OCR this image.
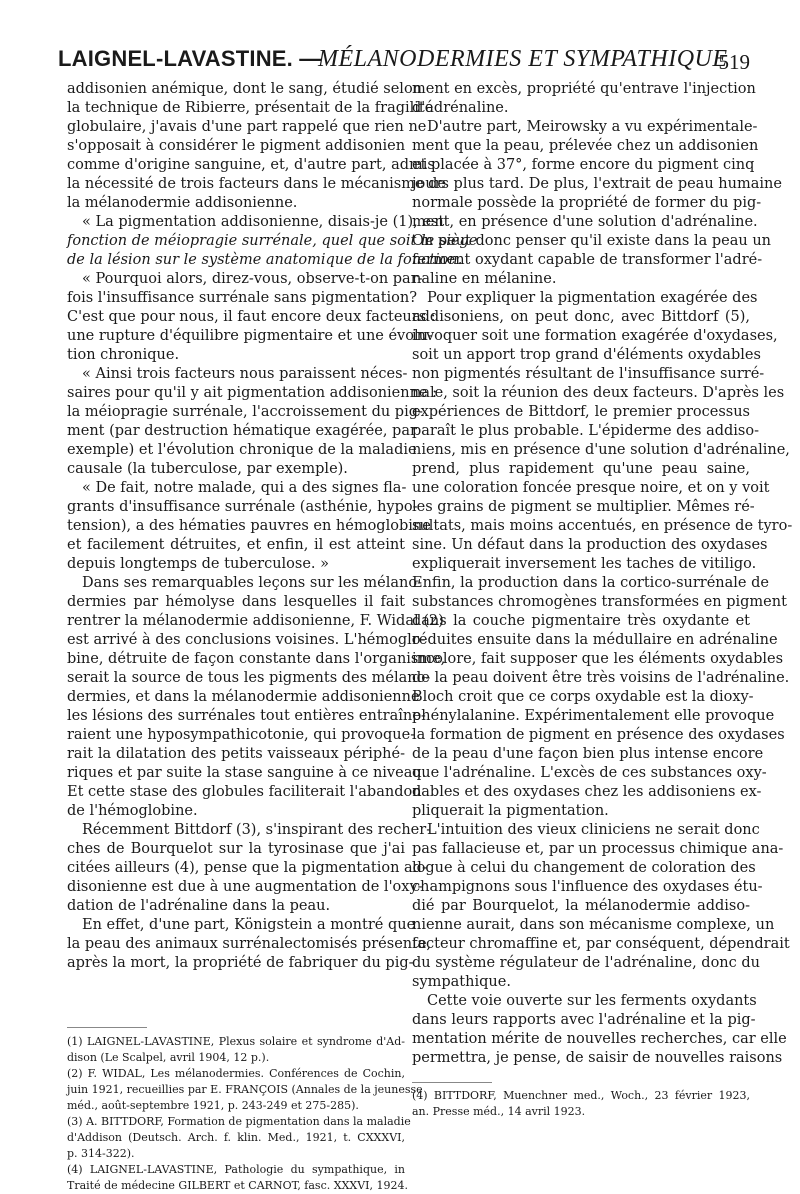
LAIGNEL-LAVASTINE. —
MÉLANODERMIES ET SYMPATHIQUE
519
addisonien anémique, dont le sang, étudié selon
la technique de Ribierre, présentait de la fragilité
globulaire, j'avais d'une part rappelé que rien ne
s'opposait à considérer le pigment addisonien
comme d'origine sanguine, et, d'autre part, admis
la nécessité de trois facteurs dans le mécanisme de
la mélanodermie addisonienne.
« La pigmentation addisonienne, disais-je (1), est
fonction de méiopragie surrénale, quel que soit le siège
de la lésion sur le système anatomique de la fonction.
« Pourquoi alors, direz-vous, observe-t-on par-
fois l'insuffisance surrénale sans pigmentation?
C'est que pour nous, il faut encore deux facteurs :
une rupture d'équilibre pigmentaire et une évolu-
tion chronique.
« Ainsi trois facteurs nous paraissent néces-
saires pour qu'il y ait pigmentation addisonienne :
la méiopragie surrénale, l'accroissement du pig-
ment (par destruction hématique exagérée, par
exemple) et l'évolution chronique de la maladie
causale (la tuberculose, par exemple).
« De fait, notre malade, qui a des signes fla-
grants d'insuffisance surrénale (asthénie, hypo-
tension), a des hématies pauvres en hémoglobine
et facilement détruites, et enfin, il est atteint
depuis longtemps de tuberculose. »
Dans ses remarquables leçons sur les mélano-
dermies par hémolyse dans lesquelles il fait
rentrer la mélanodermie addisonienne, F. Widal (2)
est arrivé à des conclusions voisines. L'hémoglo-
bine, détruite de façon constante dans l'organisme,
serait la source de tous les pigments des mélano-
dermies, et dans la mélanodermie addisonienne
les lésions des surrénales tout entières entraîne-
raient une hyposympathicotonie, qui provoque-
rait la dilatation des petits vaisseaux périphé-
riques et par suite la stase sanguine à ce niveau.
Et cette stase des globules faciliterait l'abandon
de l'hémoglobine.
Récemment Bittdorf (3), s'inspirant des recher-
ches de Bourquelot sur la tyrosinase que j'ai
citées ailleurs (4), pense que la pigmentation ad-
disonienne est due à une augmentation de l'oxy-
dation de l'adrénaline dans la peau.
En effet, d'une part, Königstein a montré que
la peau des animaux surrénalectomisés présente,
après la mort, la propriété de fabriquer du pig-
ment en excès, propriété qu'entrave l'injection
d'adrénaline.
D'autre part, Meirowsky a vu expérimentale-
ment que la peau, prélevée chez un addisonien
et placée à 37°, forme encore du pigment cinq
jours plus tard. De plus, l'extrait de peau humaine
normale possède la propriété de former du pig-
ment, en présence d'une solution d'adrénaline.
On peut donc penser qu'il existe dans la peau un
ferment oxydant capable de transformer l'adré-
naline en mélanine.
Pour expliquer la pigmentation exagérée des
addisoniens, on peut donc, avec Bittdorf (5),
invoquer soit une formation exagérée d'oxydases,
soit un apport trop grand d'éléments oxydables
non pigmentés résultant de l'insuffisance surré-
nale, soit la réunion des deux facteurs. D'après les
expériences de Bittdorf, le premier processus
paraît le plus probable. L'épiderme des addiso-
niens, mis en présence d'une solution d'adrénaline,
prend, plus rapidement qu'une peau saine,
une coloration foncée presque noire, et on y voit
les grains de pigment se multiplier. Mêmes ré-
sultats, mais moins accentués, en présence de tyro-
sine. Un défaut dans la production des oxydases
expliquerait inversement les taches de vitiligo.
Enfin, la production dans la cortico-surrénale de
substances chromogènes transformées en pigment
dans la couche pigmentaire très oxydante et
réduites ensuite dans la médullaire en adrénaline
incolore, fait supposer que les éléments oxydables
de la peau doivent être très voisins de l'adrénaline.
Bloch croit que ce corps oxydable est la dioxy-
phénylalanine. Expérimentalement elle provoque
la formation de pigment en présence des oxydases
de la peau d'une façon bien plus intense encore
que l'adrénaline. L'excès de ces substances oxy-
dables et des oxydases chez les addisoniens ex-
pliquerait la pigmentation.
L'intuition des vieux cliniciens ne serait donc
pas fallacieuse et, par un processus chimique ana-
logue à celui du changement de coloration des
champignons sous l'influence des oxydases étu-
dié par Bourquelot, la mélanodermie addiso-
nienne aurait, dans son mécanisme complexe, un
facteur chromaffine et, par conséquent, dépendrait
du système régulateur de l'adrénaline, donc du
sympathique.
Cette voie ouverte sur les ferments oxydants
dans leurs rapports avec l'adrénaline et la pig-
mentation mérite de nouvelles recherches, car elle
permettra, je pense, de saisir de nouvelles raisons
(1) LAIGNEL-LAVASTINE, Plexus solaire et syndrome d'Ad-
dison (Le Scalpel, avril 1904, 12 p.).
(2) F. WIDAL, Les mélanodermies. Conférences de Cochin,
juin 1921, recueillies par E. FRANÇOIS (Annales de la jeunesse
méd., août-septembre 1921, p. 243-249 et 275-285).
(3) A. BITTDORF, Formation de pigmentation dans la maladie
d'Addison (Deutsch. Arch. f. klin. Med., 1921, t. CXXXVI,
p. 314-322).
(4) LAIGNEL-LAVASTINE, Pathologie du sympathique, in
Traité de médecine GILBERT et CARNOT, fasc. XXXVI, 1924.
(4) BITTDORF, Muenchner med., Woch., 23 février 1923,
an. Presse méd., 14 avril 1923.
